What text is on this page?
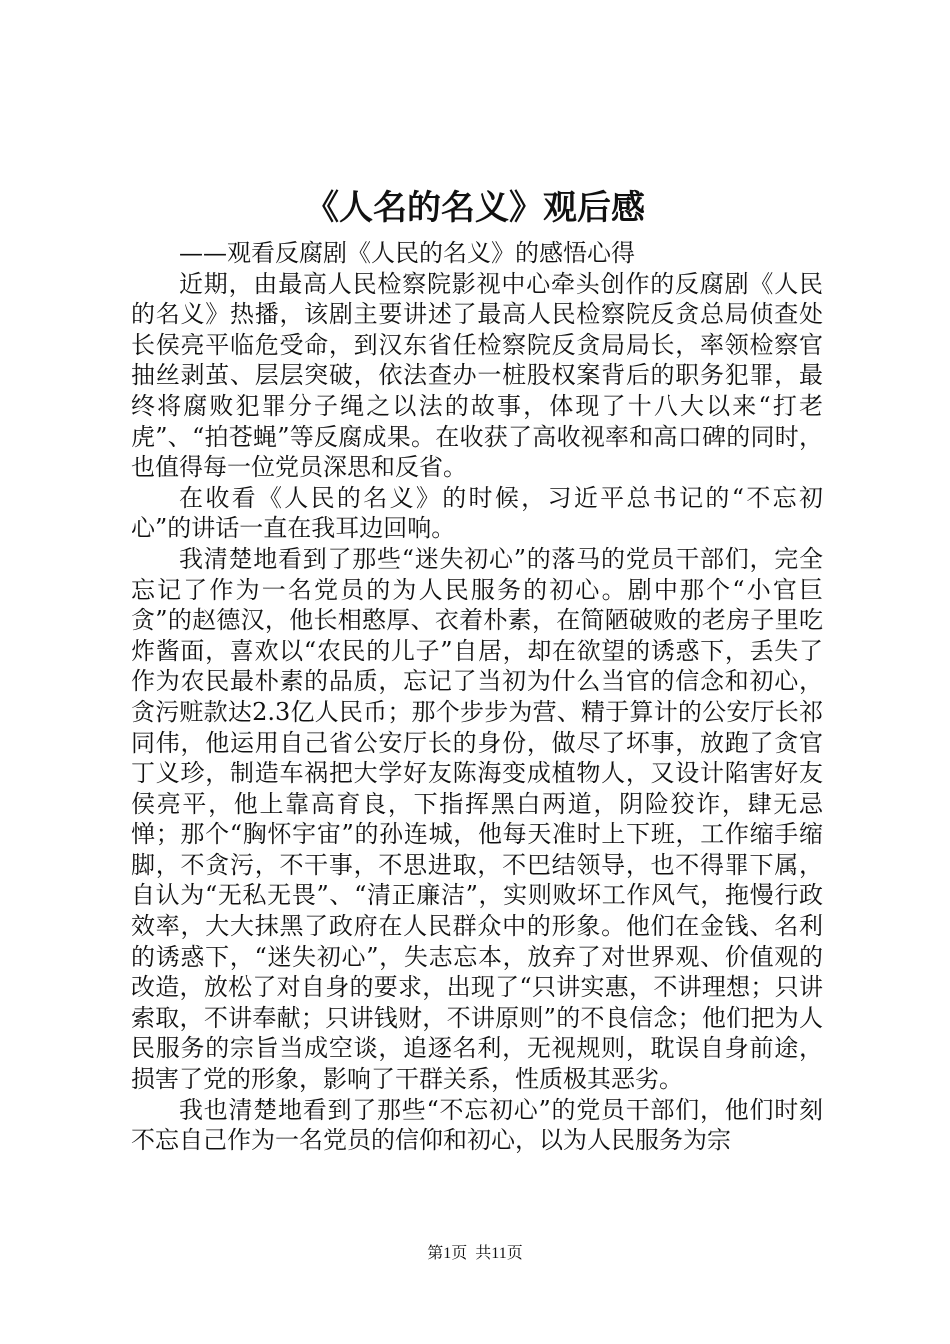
《人名的名义》观后感
——观看反腐剧《人民的名义》的感悟心得

近期，由最高人民检察院影视中心牵头创作的反腐剧《人民的名义》热播，该剧主要讲述了最高人民检察院反贪总局侦查处长侯亮平临危受命，到汉东省任检察院反贪局局长，率领检察官抽丝剥茧、层层突破，依法查办一桩股权案背后的职务犯罪，最终将腐败犯罪分子绳之以法的故事，体现了十八大以来“打老虎”、“拍苍蝇”等反腐成果。在收获了高收视率和高口碑的同时，也值得每一位党员深思和反省。

在收看《人民的名义》的时候，习近平总书记的“不忘初心”的讲话一直在我耳边回响。

我清楚地看到了那些“迷失初心”的落马的党员干部们，完全忘记了作为一名党员的为人民服务的初心。剧中那个“小官巨贪”的赵德汉，他长相憨厚、衣着朴素，在简陋破败的老房子里吃炸酱面，喜欢以“农民的儿子”自居，却在欲望的诱惑下，丢失了作为农民最朴素的品质，忘记了当初为什么当官的信念和初心，贪污赃款达2.3亿人民币；那个步步为营、精于算计的公安厅长祁同伟，他运用自己省公安厅长的身份，做尽了坏事，放跑了贪官丁义珍，制造车祸把大学好友陈海变成植物人，又设计陷害好友侯亮平，他上靠高育良，下指挥黑白两道，阴险狡诈，肆无忌惮；那个“胸怀宇宙”的孙连城，他每天准时上下班，工作缩手缩脚，不贪污，不干事，不思进取，不巴结领导，也不得罪下属，自认为“无私无畏”、“清正廉洁”，实则败坏工作风气，拖慢行政效率，大大抹黑了政府在人民群众中的形象。他们在金钱、名利的诱惑下，“迷失初心”，失志忘本，放弃了对世界观、价值观的改造，放松了对自身的要求，出现了“只讲实惠，不讲理想；只讲索取，不讲奉献；只讲钱财，不讲原则”的不良信念；他们把为人民服务的宗旨当成空谈，追逐名利，无视规则，耽误自身前途，损害了党的形象，影响了干群关系，性质极其恶劣。

我也清楚地看到了那些“不忘初心”的党员干部们，他们时刻不忘自己作为一名党员的信仰和初心，以为人民服务为宗

第1页 共11页
